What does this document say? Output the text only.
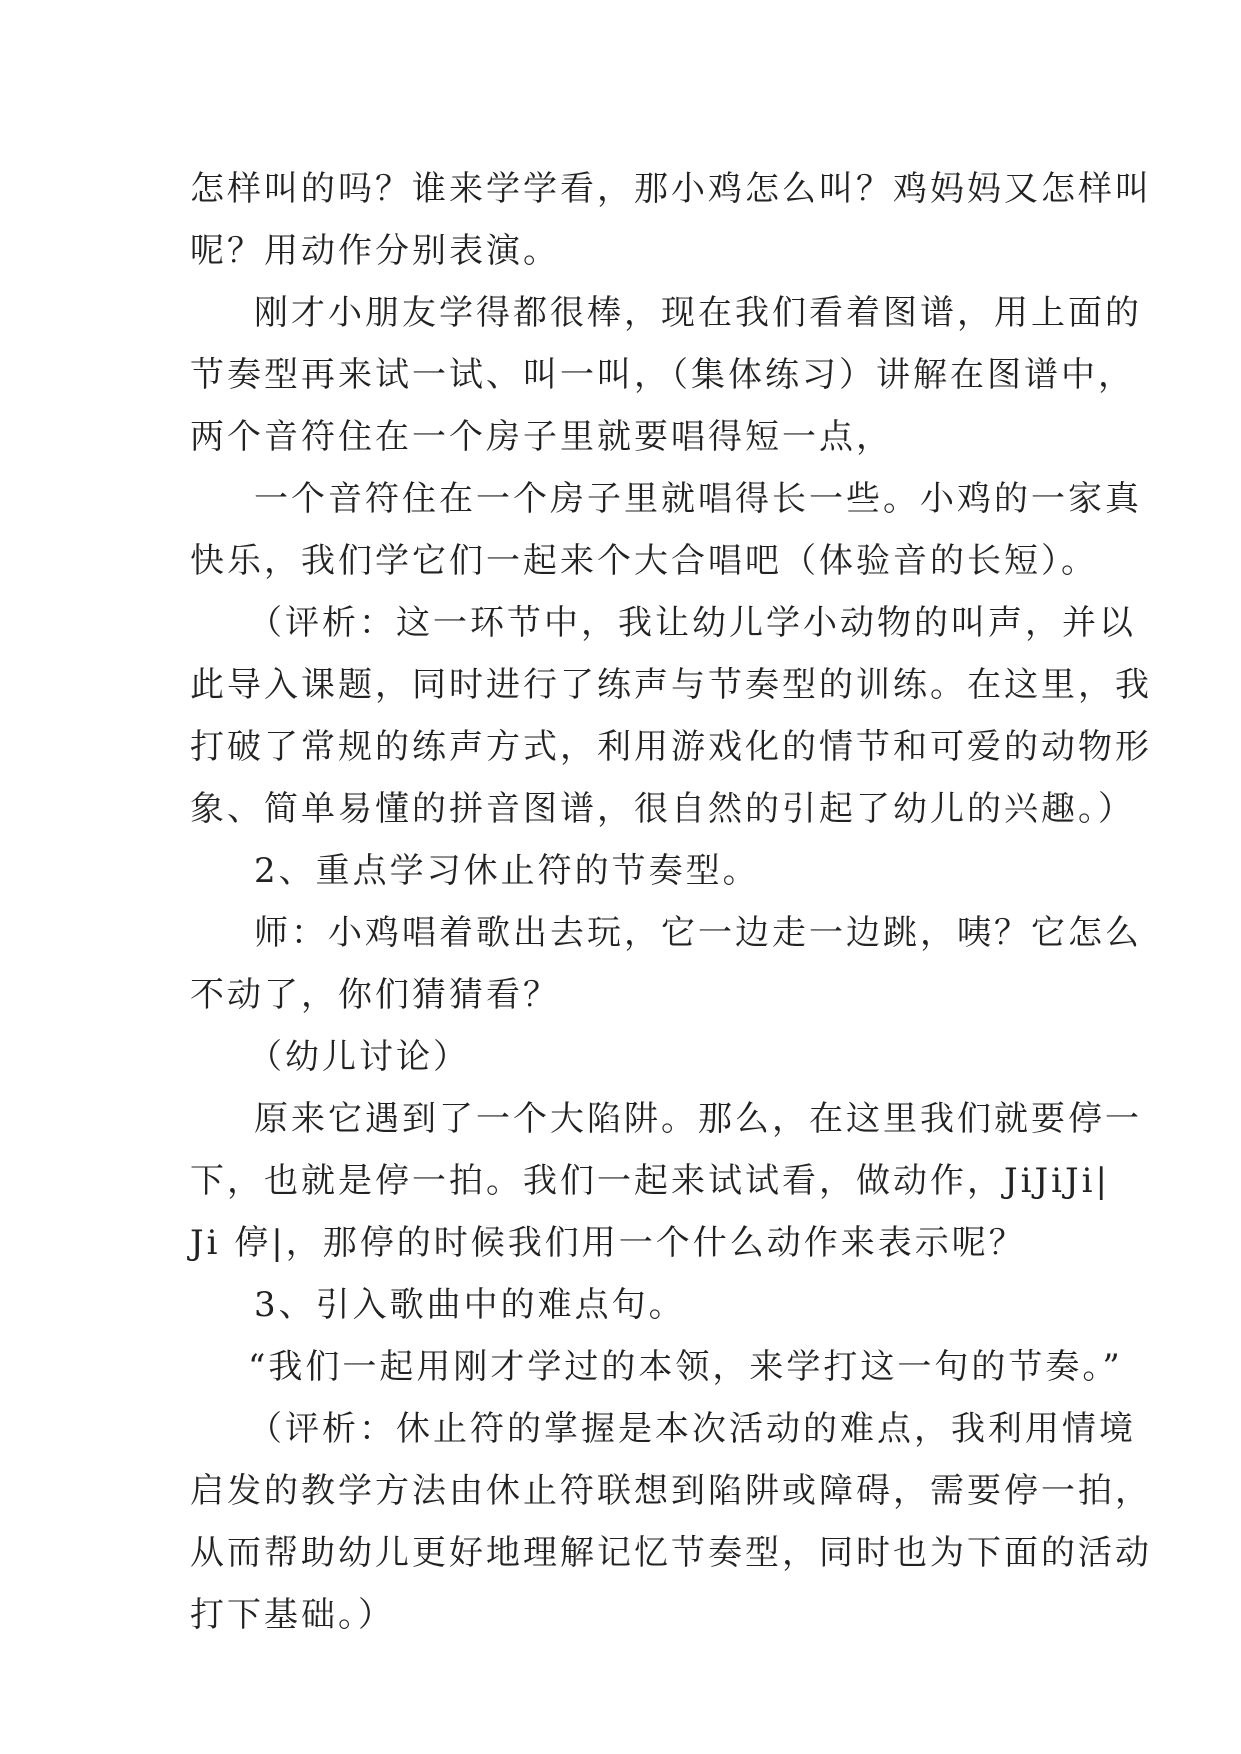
怎样叫的吗？谁来学学看，那小鸡怎么叫？鸡妈妈又怎样叫

呢？用动作分别表演。

刚才小朋友学得都很棒，现在我们看着图谱，用上面的

节奏型再来试一试、叫一叫，（集体练习）讲解在图谱中，

两个音符住在一个房子里就要唱得短一点，

一个音符住在一个房子里就唱得长一些。小鸡的一家真

快乐，我们学它们一起来个大合唱吧（体验音的长短）。

（评析：这一环节中，我让幼儿学小动物的叫声，并以

此导入课题，同时进行了练声与节奏型的训练。在这里，我

打破了常规的练声方式，利用游戏化的情节和可爱的动物形

象、简单易懂的拼音图谱，很自然的引起了幼儿的兴趣。）

2、重点学习休止符的节奏型。

师：小鸡唱着歌出去玩，它一边走一边跳，咦？它怎么

不动了，你们猜猜看？

（幼儿讨论）

原来它遇到了一个大陷阱。那么，在这里我们就要停一

下，也就是停一拍。我们一起来试试看，做动作，JiJiJi|

Ji 停|，那停的时候我们用一个什么动作来表示呢？

3、引入歌曲中的难点句。

“我们一起用刚才学过的本领，来学打这一句的节奏。”

（评析：休止符的掌握是本次活动的难点，我利用情境

启发的教学方法由休止符联想到陷阱或障碍，需要停一拍，

从而帮助幼儿更好地理解记忆节奏型，同时也为下面的活动

打下基础。）
